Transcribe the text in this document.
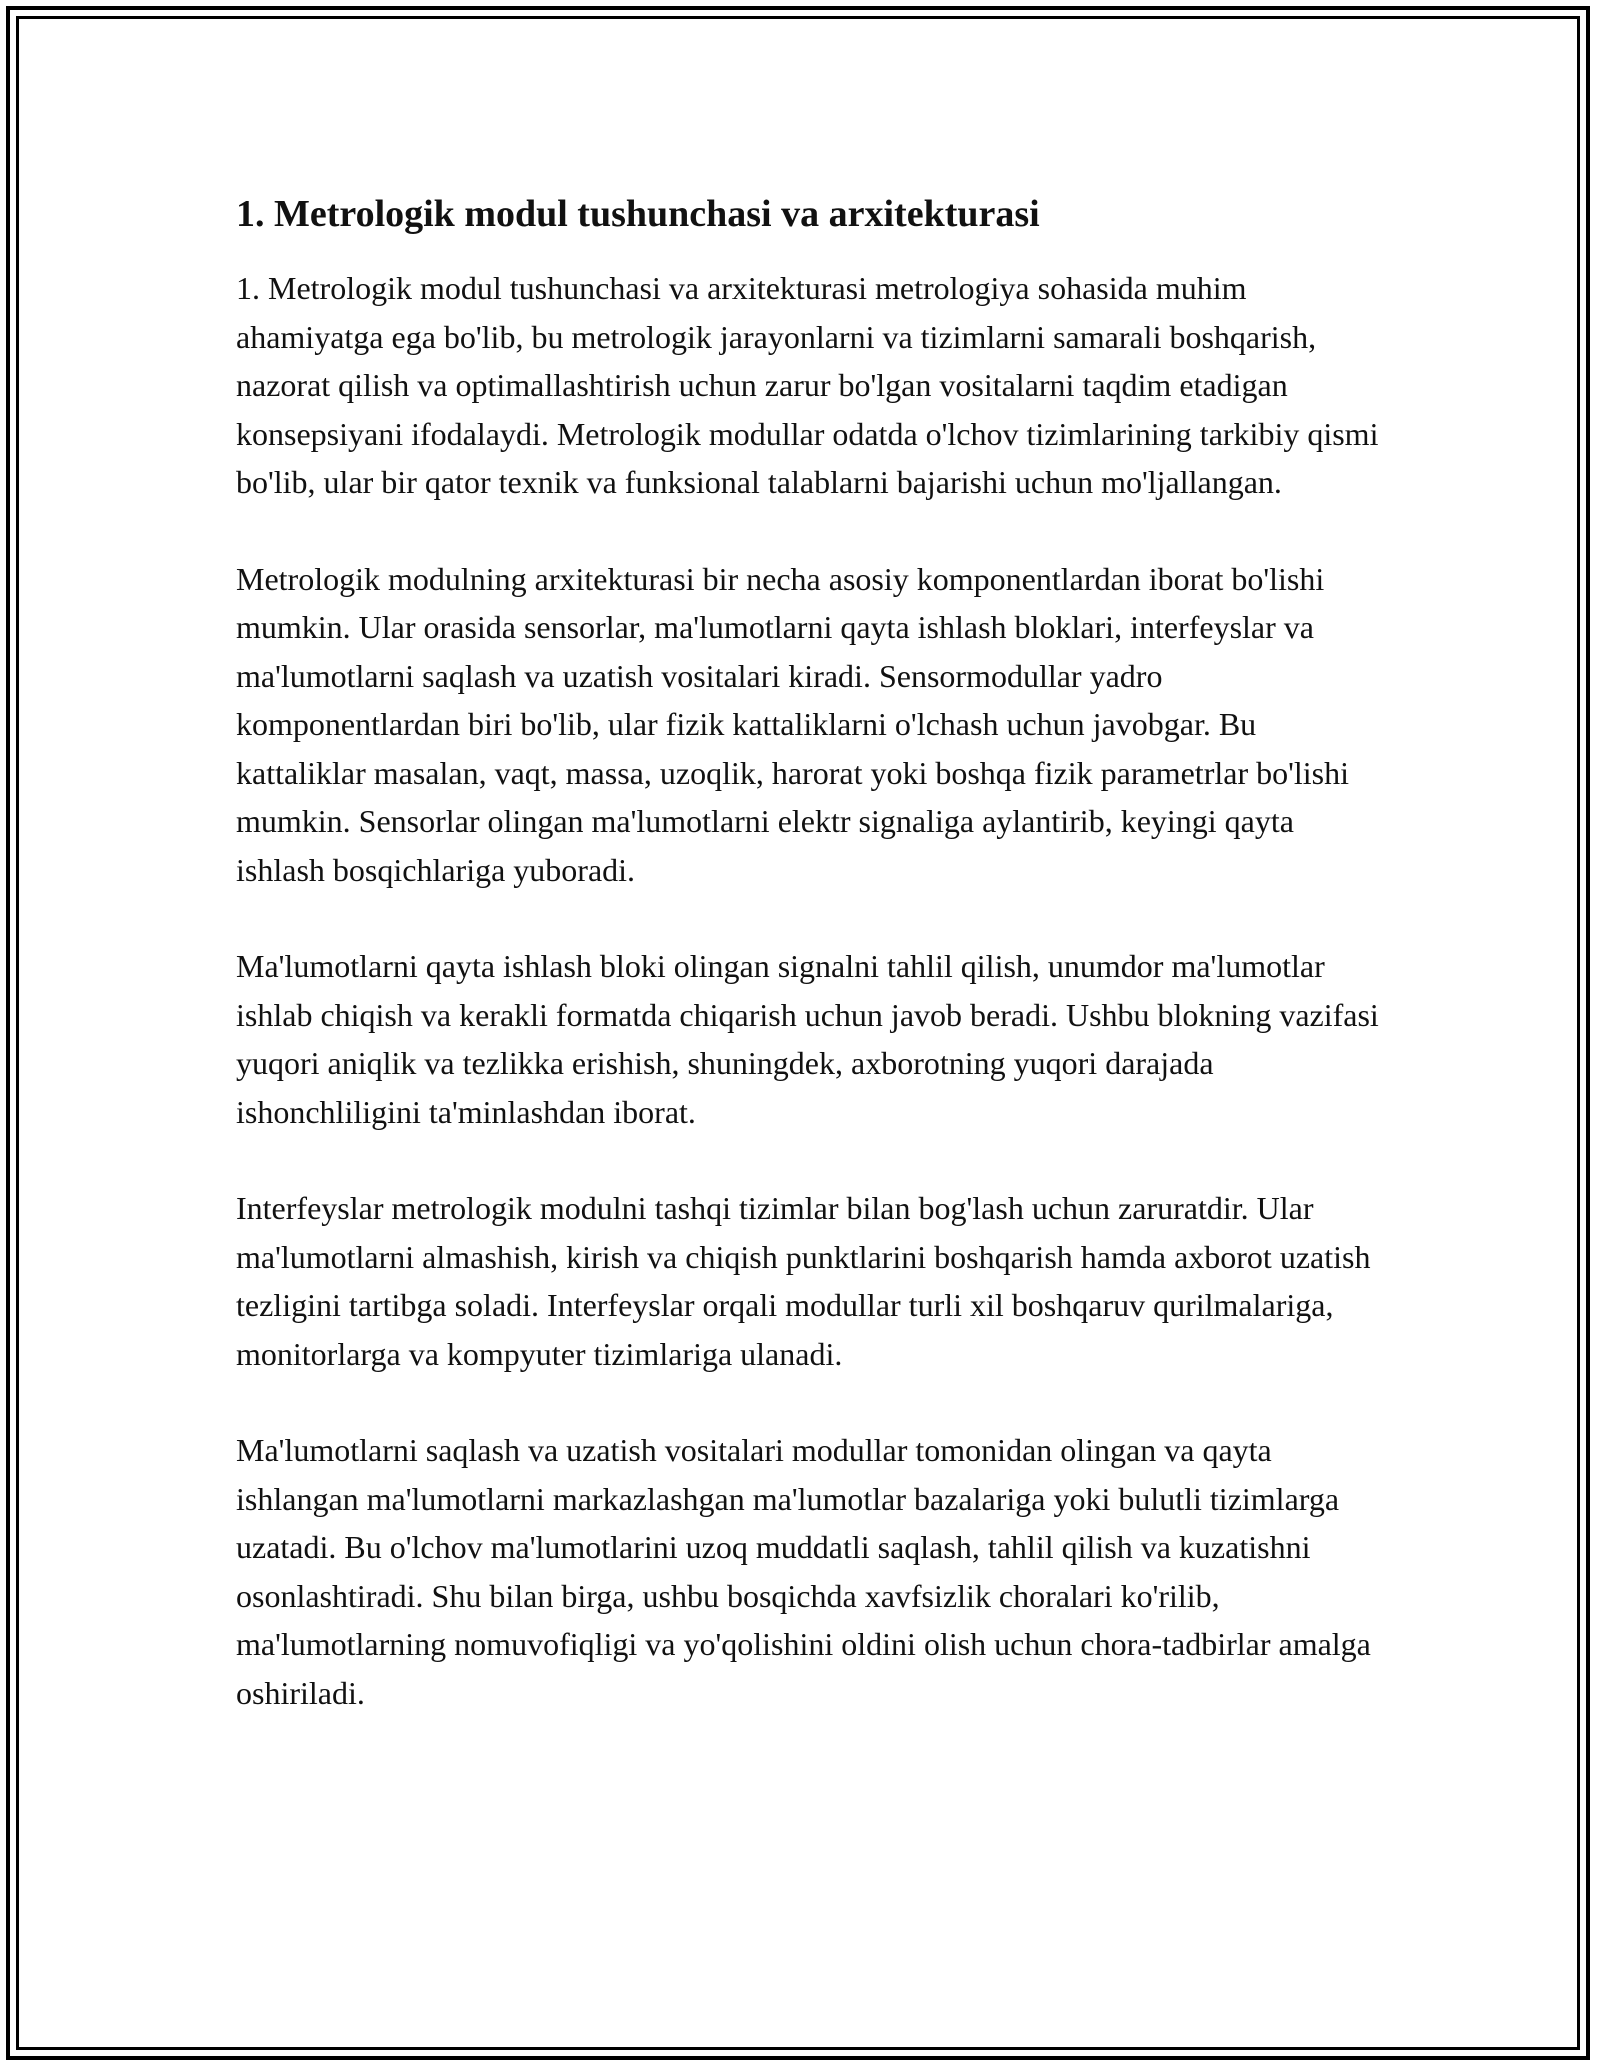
1. Metrologik modul tushunchasi va arxitekturasi

1. Metrologik modul tushunchasi va arxitekturasi metrologiya sohasida muhim ahamiyatga ega bo'lib, bu metrologik jarayonlarni va tizimlarni samarali boshqarish, nazorat qilish va optimallashtirish uchun zarur bo'lgan vositalarni taqdim etadigan konsepsiyani ifodalaydi. Metrologik modullar odatda o'lchov tizimlarining tarkibiy qismi bo'lib, ular bir qator texnik va funksional talablarni bajarishi uchun mo'ljallangan.

Metrologik modulning arxitekturasi bir necha asosiy komponentlardan iborat bo'lishi mumkin. Ular orasida sensorlar, ma'lumotlarni qayta ishlash bloklari, interfeyslar va ma'lumotlarni saqlash va uzatish vositalari kiradi. Sensormodullar yadro komponentlardan biri bo'lib, ular fizik kattaliklarni o'lchash uchun javobgar. Bu kattaliklar masalan, vaqt, massa, uzoqlik, harorat yoki boshqa fizik parametrlar bo'lishi mumkin. Sensorlar olingan ma'lumotlarni elektr signaliga aylantirib, keyingi qayta ishlash bosqichlariga yuboradi.

Ma'lumotlarni qayta ishlash bloki olingan signalni tahlil qilish, unumdor ma'lumotlar ishlab chiqish va kerakli formatda chiqarish uchun javob beradi. Ushbu blokning vazifasi yuqori aniqlik va tezlikka erishish, shuningdek, axborotning yuqori darajada ishonchliligini ta'minlashdan iborat.

Interfeyslar metrologik modulni tashqi tizimlar bilan bog'lash uchun zaruratdir. Ular ma'lumotlarni almashish, kirish va chiqish punktlarini boshqarish hamda axborot uzatish tezligini tartibga soladi. Interfeyslar orqali modullar turli xil boshqaruv qurilmalariga, monitorlarga va kompyuter tizimlariga ulanadi.

Ma'lumotlarni saqlash va uzatish vositalari modullar tomonidan olingan va qayta ishlangan ma'lumotlarni markazlashgan ma'lumotlar bazalariga yoki bulutli tizimlarga uzatadi. Bu o'lchov ma'lumotlarini uzoq muddatli saqlash, tahlil qilish va kuzatishni osonlashtiradi. Shu bilan birga, ushbu bosqichda xavfsizlik choralari ko'rilib, ma'lumotlarning nomuvofiqligi va yo'qolishini oldini olish uchun chora-tadbirlar amalga oshiriladi.
